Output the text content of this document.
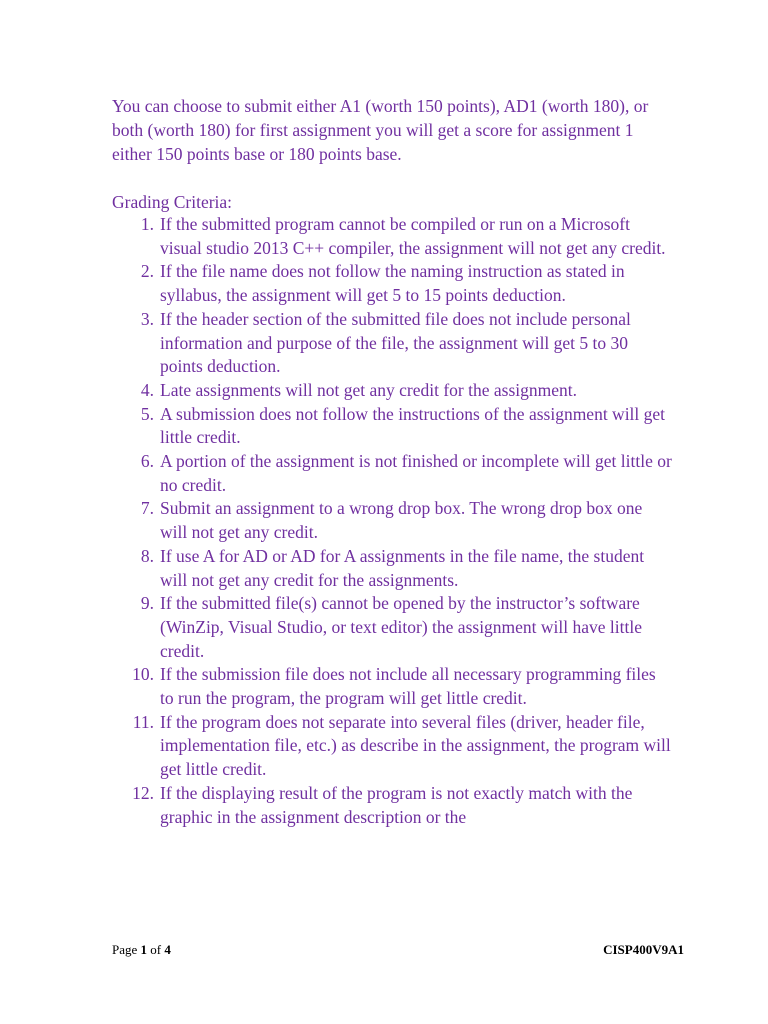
You can choose to submit either A1 (worth 150 points), AD1 (worth 180), or both (worth 180) for first assignment you will get a score for assignment 1 either 150 points base or 180 points base.

Grading Criteria:
1. If the submitted program cannot be compiled or run on a Microsoft visual studio 2013 C++ compiler, the assignment will not get any credit.
2. If the file name does not follow the naming instruction as stated in syllabus, the assignment will get 5 to 15 points deduction.
3. If the header section of the submitted file does not include personal information and purpose of the file, the assignment will get 5 to 30 points deduction.
4. Late assignments will not get any credit for the assignment.
5. A submission does not follow the instructions of the assignment will get little credit.
6. A portion of the assignment is not finished or incomplete will get little or no credit.
7. Submit an assignment to a wrong drop box. The wrong drop box one will not get any credit.
8. If use A for AD or AD for A assignments in the file name, the student will not get any credit for the assignments.
9. If the submitted file(s) cannot be opened by the instructor’s software (WinZip, Visual Studio, or text editor) the assignment will have little credit.
10. If the submission file does not include all necessary programming files to run the program, the program will get little credit.
11. If the program does not separate into several files (driver, header file, implementation file, etc.) as describe in the assignment, the program will get little credit.
12. If the displaying result of the program is not exactly match with the graphic in the assignment description or the
Page 1 of 4	CISP400V9A1
